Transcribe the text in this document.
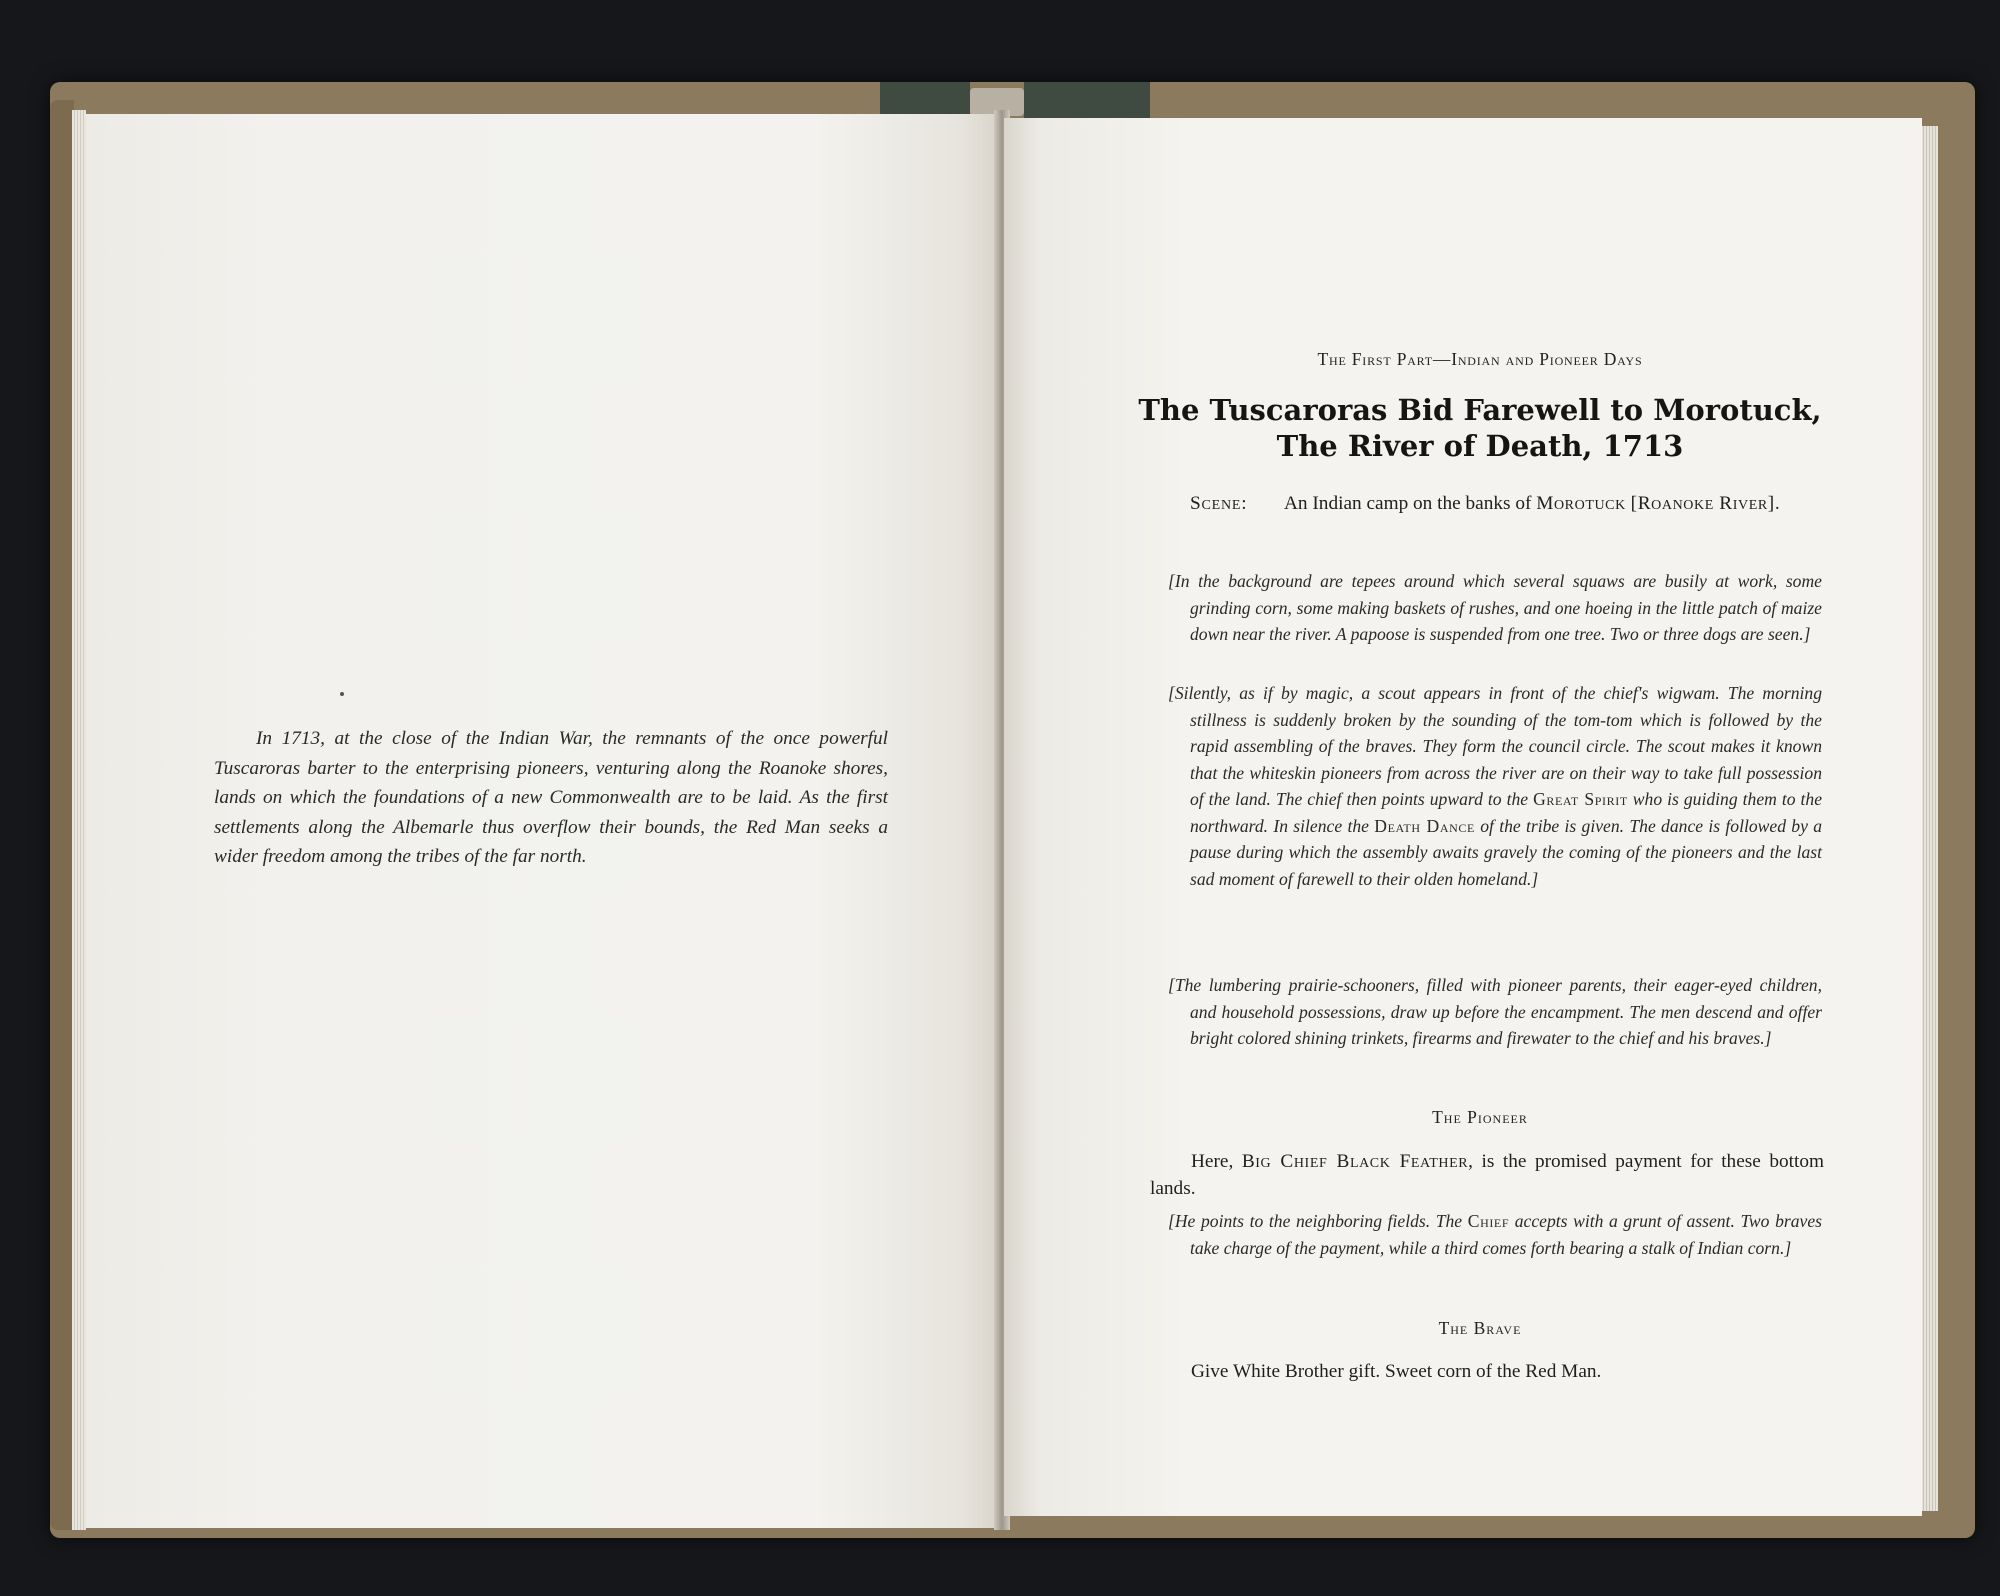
In 1713, at the close of the Indian War, the remnants of the once powerful Tuscaroras barter to the enterprising pioneers, venturing along the Roanoke shores, lands on which the foundations of a new Commonwealth are to be laid. As the first settlements along the Albemarle thus overflow their bounds, the Red Man seeks a wider freedom among the tribes of the far north.

The First Part—Indian and Pioneer Days

The Tuscaroras Bid Farewell to Morotuck,
The River of Death, 1713
Scene: An Indian camp on the banks of Morotuck [Roanoke River].

[In the background are tepees around which several squaws are busily at work, some grinding corn, some making baskets of rushes, and one hoeing in the little patch of maize down near the river. A papoose is suspended from one tree. Two or three dogs are seen.]

[Silently, as if by magic, a scout appears in front of the chief's wigwam. The morning stillness is suddenly broken by the sounding of the tom-tom which is followed by the rapid assembling of the braves. They form the council circle. The scout makes it known that the whiteskin pioneers from across the river are on their way to take full possession of the land. The chief then points upward to the Great Spirit who is guiding them to the northward. In silence the Death Dance of the tribe is given. The dance is followed by a pause during which the assembly awaits gravely the coming of the pioneers and the last sad moment of farewell to their olden homeland.]

[The lumbering prairie-schooners, filled with pioneer parents, their eager-eyed children, and household possessions, draw up before the encampment. The men descend and offer bright colored shining trinkets, firearms and firewater to the chief and his braves.]

The Pioneer

Here, Big Chief Black Feather, is the promised payment for these bottom lands.

[He points to the neighboring fields. The Chief accepts with a grunt of assent. Two braves take charge of the payment, while a third comes forth bearing a stalk of Indian corn.]

The Brave

Give White Brother gift. Sweet corn of the Red Man.
